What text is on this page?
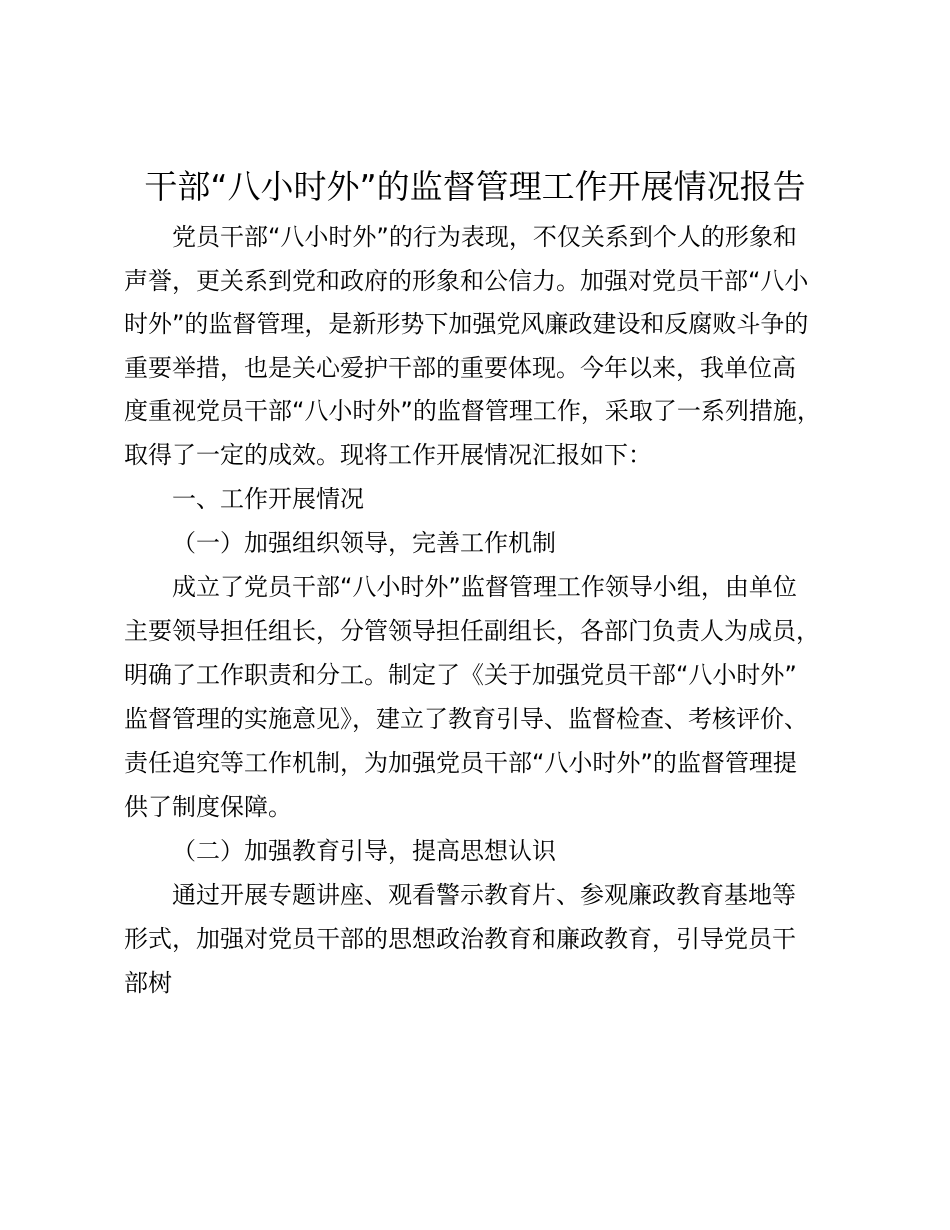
干部“八小时外”的监督管理工作开展情况报告

党员干部“八小时外”的行为表现，不仅关系到个人的形象和

声誉，更关系到党和政府的形象和公信力。加强对党员干部“八小

时外”的监督管理，是新形势下加强党风廉政建设和反腐败斗争的

重要举措，也是关心爱护干部的重要体现。今年以来，我单位高

度重视党员干部“八小时外”的监督管理工作，采取了一系列措施，

取得了一定的成效。现将工作开展情况汇报如下：

一、工作开展情况

（一）加强组织领导，完善工作机制

成立了党员干部“八小时外”监督管理工作领导小组，由单位

主要领导担任组长，分管领导担任副组长，各部门负责人为成员，

明确了工作职责和分工。制定了《关于加强党员干部“八小时外”

监督管理的实施意见》，建立了教育引导、监督检查、考核评价、

责任追究等工作机制，为加强党员干部“八小时外”的监督管理提

供了制度保障。

（二）加强教育引导，提高思想认识

通过开展专题讲座、观看警示教育片、参观廉政教育基地等

形式，加强对党员干部的思想政治教育和廉政教育，引导党员干

部树
